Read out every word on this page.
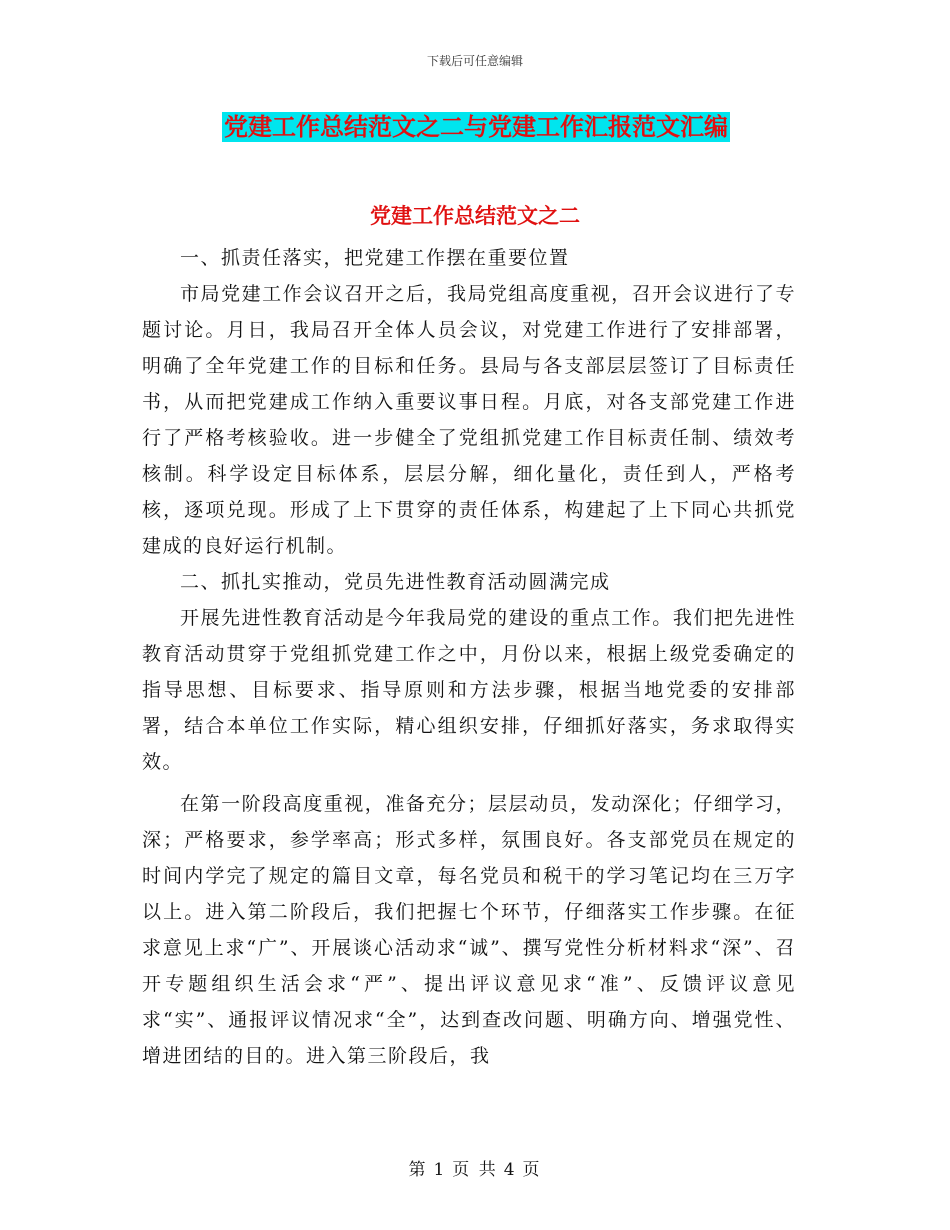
下载后可任意编辑
党建工作总结范文之二与党建工作汇报范文汇编
党建工作总结范文之二

一、抓责任落实，把党建工作摆在重要位置

市局党建工作会议召开之后，我局党组高度重视，召开会议进行了专题讨论。月日，我局召开全体人员会议，对党建工作进行了安排部署，明确了全年党建工作的目标和任务。县局与各支部层层签订了目标责任书，从而把党建成工作纳入重要议事日程。月底，对各支部党建工作进行了严格考核验收。进一步健全了党组抓党建工作目标责任制、绩效考核制。科学设定目标体系，层层分解，细化量化，责任到人，严格考核，逐项兑现。形成了上下贯穿的责任体系，构建起了上下同心共抓党建成的良好运行机制。

二、抓扎实推动，党员先进性教育活动圆满完成

开展先进性教育活动是今年我局党的建设的重点工作。我们把先进性教育活动贯穿于党组抓党建工作之中，月份以来，根据上级党委确定的指导思想、目标要求、指导原则和方法步骤，根据当地党委的安排部署，结合本单位工作实际，精心组织安排，仔细抓好落实，务求取得实效。

在第一阶段高度重视，准备充分；层层动员，发动深化；仔细学习，深；严格要求，参学率高；形式多样，氛围良好。各支部党员在规定的时间内学完了规定的篇目文章，每名党员和税干的学习笔记均在三万字以上。进入第二阶段后，我们把握七个环节，仔细落实工作步骤。在征求意见上求“广”、开展谈心活动求“诚”、撰写党性分析材料求“深”、召开专题组织生活会求“严”、提出评议意见求“准”、反馈评议意见求“实”、通报评议情况求“全”，达到查改问题、明确方向、增强党性、增进团结的目的。进入第三阶段后，我

第 1 页 共 4 页
